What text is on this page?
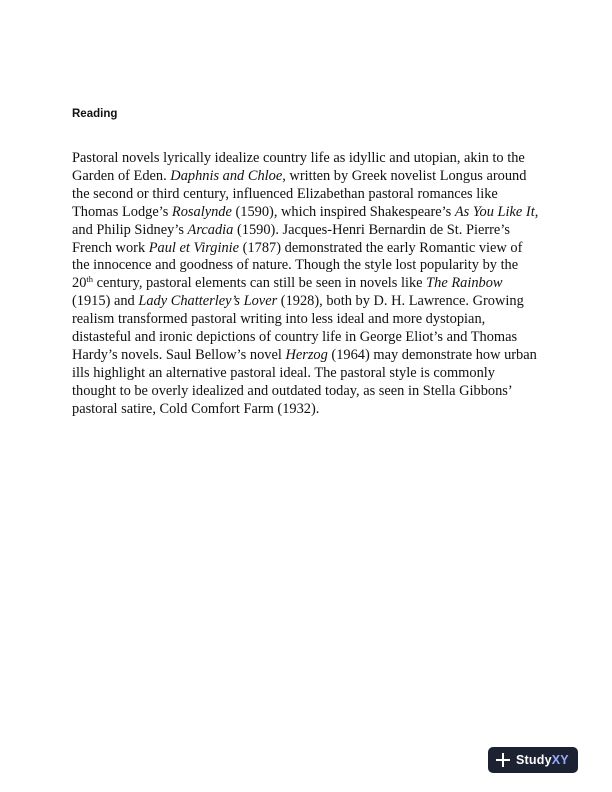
Reading

Pastoral novels lyrically idealize country life as idyllic and utopian, akin to the Garden of Eden. Daphnis and Chloe, written by Greek novelist Longus around the second or third century, influenced Elizabethan pastoral romances like Thomas Lodge’s Rosalynde (1590), which inspired Shakespeare’s As You Like It, and Philip Sidney’s Arcadia (1590). Jacques-Henri Bernardin de St. Pierre’s French work Paul et Virginie (1787) demonstrated the early Romantic view of the innocence and goodness of nature. Though the style lost popularity by the 20th century, pastoral elements can still be seen in novels like The Rainbow (1915) and Lady Chatterley’s Lover (1928), both by D. H. Lawrence. Growing realism transformed pastoral writing into less ideal and more dystopian, distasteful and ironic depictions of country life in George Eliot’s and Thomas Hardy’s novels. Saul Bellow’s novel Herzog (1964) may demonstrate how urban ills highlight an alternative pastoral ideal. The pastoral style is commonly thought to be overly idealized and outdated today, as seen in Stella Gibbons’ pastoral satire, Cold Comfort Farm (1932).

StudyXY
